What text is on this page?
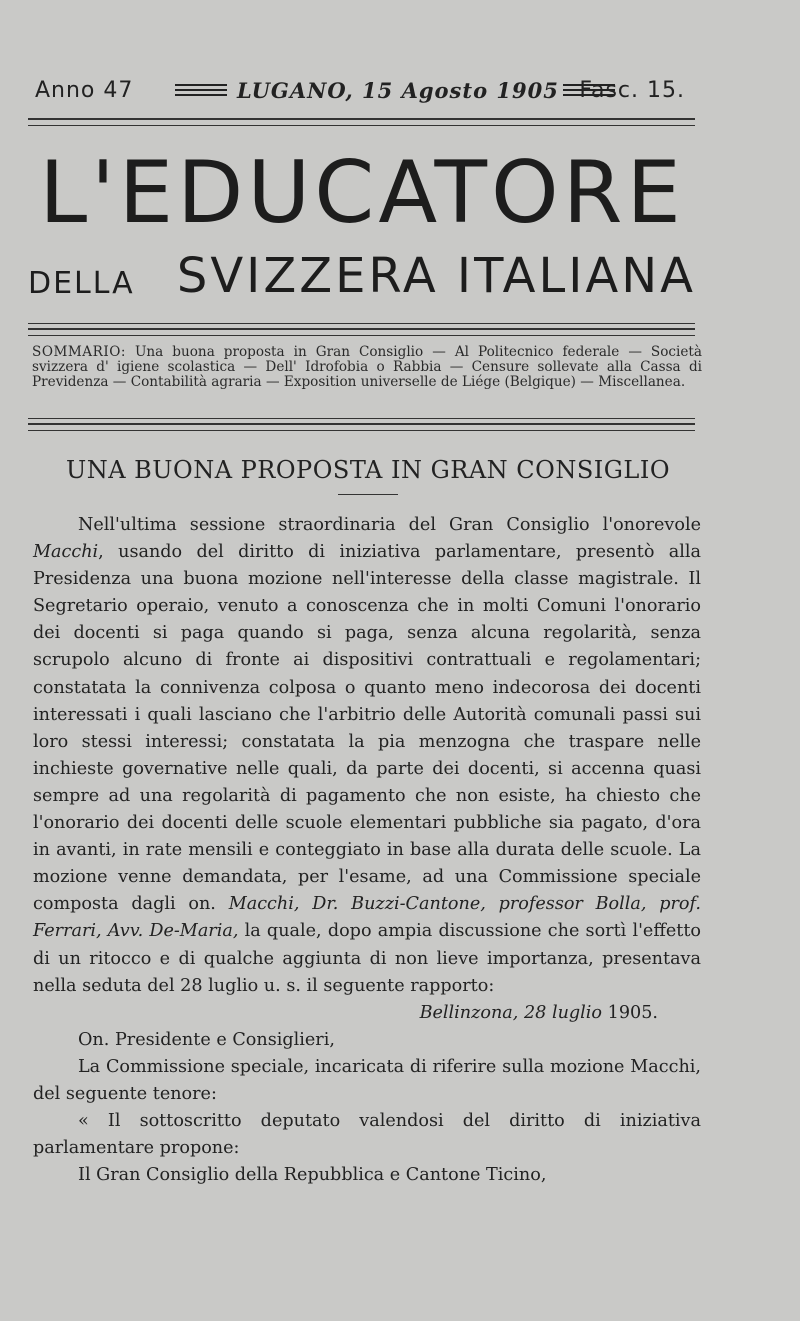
Anno 47	LUGANO, 15 Agosto 1905 Fasc. 15.
L'EDUCATORE
DELLA SVIZZERA ITALIANA
SOMMARIO: Una buona proposta in Gran Consiglio — Al Politecnico federale — Società svizzera d' igiene scolastica — Dell' Idrofobia o Rabbia — Censure sollevate alla Cassa di Previdenza — Contabilità agraria — Exposition universelle de Liége (Belgique) — Miscellanea.
UNA BUONA PROPOSTA IN GRAN CONSIGLIO

Nell'ultima sessione straordinaria del Gran Consiglio l'onorevole Macchi, usando del diritto di iniziativa parlamentare, presentò alla Presidenza una buona mozione nell'interesse della classe magistrale. Il Segretario operaio, venuto a conoscenza che in molti Comuni l'onorario dei docenti si paga quando si paga, senza alcuna regolarità, senza scrupolo alcuno di fronte ai dispositivi contrattuali e regolamentari; constatata la connivenza colposa o quanto meno indecorosa dei docenti interessati i quali lasciano che l'arbitrio delle Autorità comunali passi sui loro stessi interessi; constatata la pia menzogna che traspare nelle inchieste governative nelle quali, da parte dei docenti, si accenna quasi sempre ad una regolarità di pagamento che non esiste, ha chiesto che l'onorario dei docenti delle scuole elementari pubbliche sia pagato, d'ora in avanti, in rate mensili e conteggiato in base alla durata delle scuole. La mozione venne demandata, per l'esame, ad una Commissione speciale composta dagli on. Macchi, Dr. Buzzi-Cantone, professor Bolla, prof. Ferrari, Avv. De-Maria, la quale, dopo ampia discussione che sortì l'effetto di un ritocco e di qualche aggiunta di non lieve importanza, presentava nella seduta del 28 luglio u. s. il seguente rapporto:

Bellinzona, 28 luglio 1905.

On. Presidente e Consiglieri,

La Commissione speciale, incaricata di riferire sulla mozione Macchi, del seguente tenore:

« Il sottoscritto deputato valendosi del diritto di iniziativa parlamentare propone:

Il Gran Consiglio della Repubblica e Cantone Ticino,
